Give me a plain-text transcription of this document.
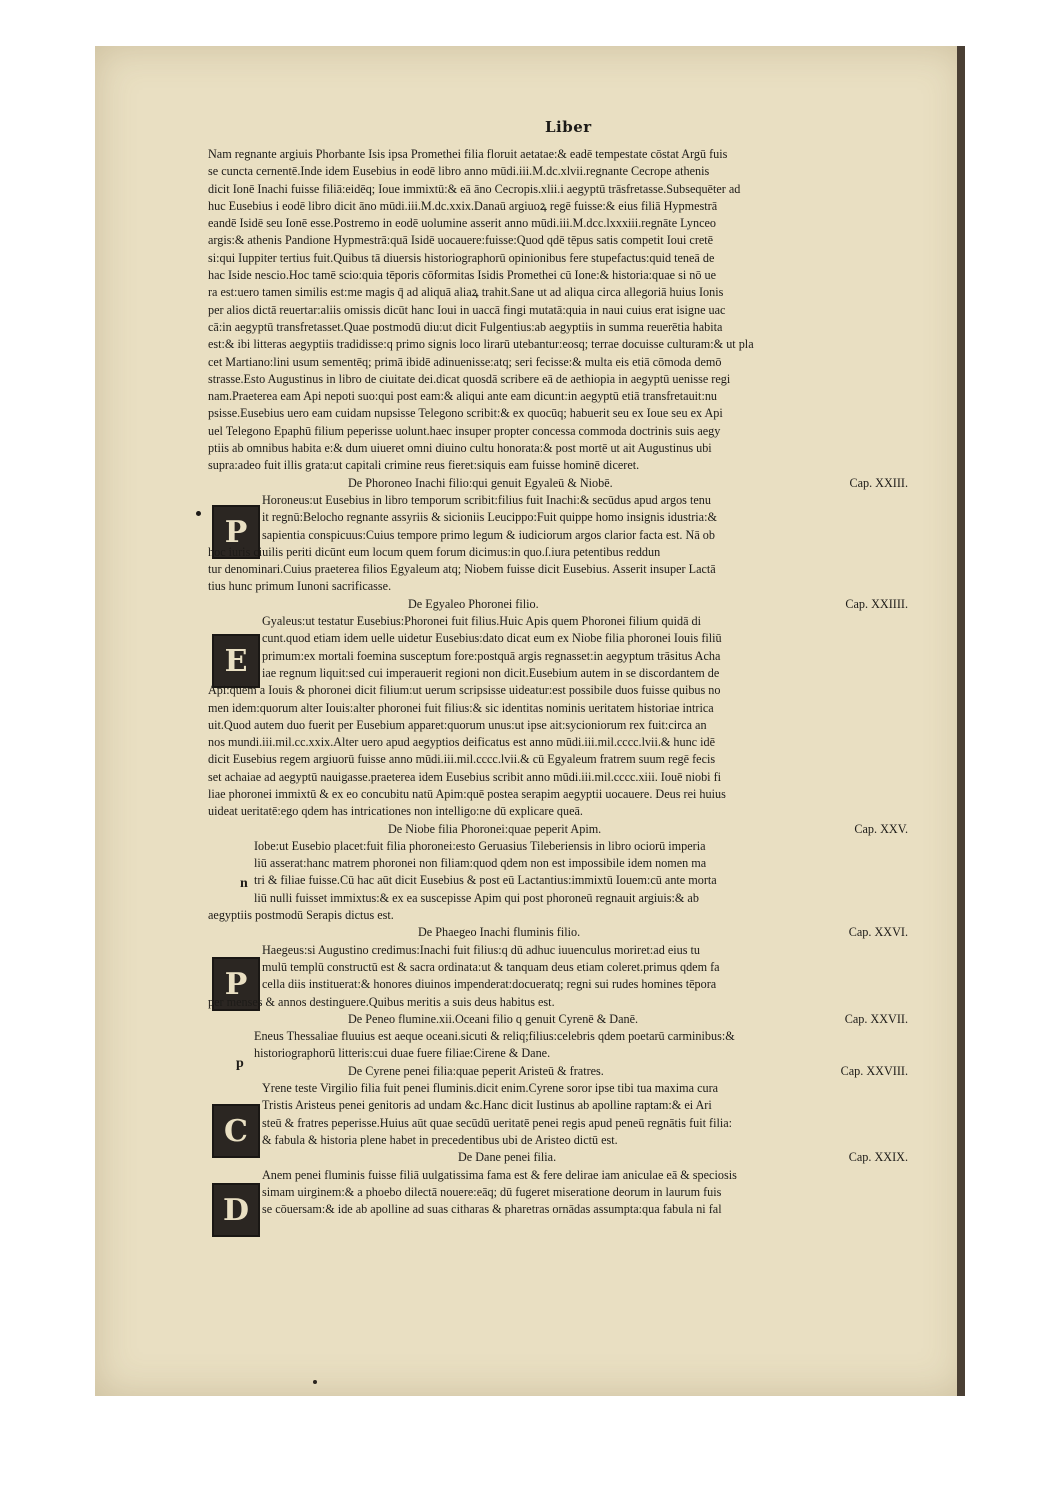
Liber
P
E
P
C
D
n
p
Nam regnante argiuis Phorbante Isis ipsa Promethei filia floruit aetatae:& eadē tempestate cōstat Argū fuis
se cuncta cernentē.Inde idem Eusebius in eodē libro anno mūdi.iii.M.dc.xlvii.regnante Cecrope athenis
dicit Ionē Inachi fuisse filiā:eidēq; Ioue immixtū:& eā āno Cecropis.xlii.i aegyptū trāsfretasse.Subsequēter ad
huc Eusebius i eodē libro dicit āno mūdi.iii.M.dc.xxix.Danaū argiuoꝝ regē fuisse:& eius filiā Hypmestrā
eandē Isidē seu Ionē esse.Postremo in eodē uolumine asserit anno mūdi.iii.M.dcc.lxxxiii.regnāte Lynceo
argis:& athenis Pandione Hypmestrā:quā Isidē uocauere:fuisse:Quod qdē tēpus satis competit Ioui cretē
si:qui Iuppiter tertius fuit.Quibus tā diuersis historiographorū opinionibus fere stupefactus:quid teneā de
hac Iside nescio.Hoc tamē scio:quia tēporis cōformitas Isidis Promethei cū Ione:& historia:quae si nō ue
ra est:uero tamen similis est:me magis q̄ ad aliquā aliaꝝ trahit.Sane ut ad aliqua circa allegoriā huius Ionis
per alios dictā reuertar:aliis omissis dicūt hanc Ioui in uaccā fingi mutatā:quia in naui cuius erat isigne uac
cā:in aegyptū transfretasset.Quae postmodū diu:ut dicit Fulgentius:ab aegyptiis in summa reuerētia habita
est:& ibi litteras aegyptiis tradidisse:q primo signis loco lirarū utebantur:eosq; terrae docuisse culturam:& ut pla
cet Martiano:lini usum sementēq; primā ibidē adinuenisse:atq; seri fecisse:& multa eis etiā cōmoda demō
strasse.Esto Augustinus in libro de ciuitate dei.dicat quosdā scribere eā de aethiopia in aegyptū uenisse regi
nam.Praeterea eam Api nepoti suo:qui post eam:& aliqui ante eam dicunt:in aegyptū etiā transfretauit:nu
psisse.Eusebius uero eam cuidam nupsisse Telegono scribit:& ex quocūq; habuerit seu ex Ioue seu ex Api
uel Telegono Epaphū filium peperisse uolunt.haec insuper propter concessa commoda doctrinis suis aegy
ptiis ab omnibus habita e:& dum uiueret omni diuino cultu honorata:& post mortē ut ait Augustinus ubi
supra:adeo fuit illis grata:ut capitali crimine reus fieret:siquis eam fuisse hominē diceret.
De Phoroneo Inachi filio:qui genuit Egyaleū & Niobē.	Cap. XXIII.
Horoneus:ut Eusebius in libro temporum scribit:filius fuit Inachi:& secūdus apud argos tenu
it regnū:Belocho regnante assyriis & sicioniis Leucippo:Fuit quippe homo insignis idustria:&
sapientia conspicuus:Cuius tempore primo legum & iudiciorum argos clarior facta est. Nā ob
hoc iuris ciuilis periti dicūnt eum locum quem forum dicimus:in quo.ſ.iura petentibus reddun
tur denominari.Cuius praeterea filios Egyaleum atq; Niobem fuisse dicit Eusebius. Asserit insuper Lactā
tius hunc primum Iunoni sacrificasse.
De Egyaleo Phoronei filio.	Cap. XXIIII.
Gyaleus:ut testatur Eusebius:Phoronei fuit filius.Huic Apis quem Phoronei filium quidā di
cunt.quod etiam idem uelle uidetur Eusebius:dato dicat eum ex Niobe filia phoronei Iouis filiū
primum:ex mortali foemina susceptum fore:postquā argis regnasset:in aegyptum trāsitus Acha
iae regnum liquit:sed cui imperauerit regioni non dicit.Eusebium autem in se discordantem de
Api:quem a Iouis & phoronei dicit filium:ut uerum scripsisse uideatur:est possibile duos fuisse quibus no
men idem:quorum alter Iouis:alter phoronei fuit filius:& sic identitas nominis ueritatem historiae intrica
uit.Quod autem duo fuerit per Eusebium apparet:quorum unus:ut ipse ait:sycioniorum rex fuit:circa an
nos mundi.iii.mil.cc.xxix.Alter uero apud aegyptios deificatus est anno mūdi.iii.mil.cccc.lvii.& hunc idē
dicit Eusebius regem argiuorū fuisse anno mūdi.iii.mil.cccc.lvii.& cū Egyaleum fratrem suum regē fecis
set achaiae ad aegyptū nauigasse.praeterea idem Eusebius scribit anno mūdi.iii.mil.cccc.xiii. Iouē niobi fi
liae phoronei immixtū & ex eo concubitu natū Apim:quē postea serapim aegyptii uocauere. Deus rei huius
uideat ueritatē:ego qdem has intricationes non intelligo:ne dū explicare queā.
De Niobe filia Phoronei:quae peperit Apim.	Cap. XXV.
Iobe:ut Eusebio placet:fuit filia phoronei:esto Geruasius Tileberiensis in libro ociorū imperia
liū asserat:hanc matrem phoronei non filiam:quod qdem non est impossibile idem nomen ma
tri & filiae fuisse.Cū hac aūt dicit Eusebius & post eū Lactantius:immixtū Iouem:cū ante morta
liū nulli fuisset immixtus:& ex ea suscepisse Apim qui post phoroneū regnauit argiuis:& ab
aegyptiis postmodū Serapis dictus est.
De Phaegeo Inachi fluminis filio.	Cap. XXVI.
Haegeus:si Augustino credimus:Inachi fuit filius:q dū adhuc iuuenculus moriret:ad eius tu
mulū templū constructū est & sacra ordinata:ut & tanquam deus etiam coleret.primus qdem fa
cella diis instituerat:& honores diuinos impenderat:docueratq; regni sui rudes homines tēpora
per menses & annos destinguere.Quibus meritis a suis deus habitus est.
De Peneo flumine.xii.Oceani filio q genuit Cyrenē & Danē.	Cap. XXVII.
Eneus Thessaliae fluuius est aeque oceani.sicuti & reliq;filius:celebris qdem poetarū carminibus:&
historiographorū litteris:cui duae fuere filiae:Cirene & Dane.
De Cyrene penei filia:quae peperit Aristeū & fratres.	Cap. XXVIII.
Yrene teste Virgilio filia fuit penei fluminis.dicit enim.Cyrene soror ipse tibi tua maxima cura
Tristis Aristeus penei genitoris ad undam &c.Hanc dicit Iustinus ab apolline raptam:& ei Ari
steū & fratres peperisse.Huius aūt quae secūdū ueritatē penei regis apud peneū regnātis fuit filia:
& fabula & historia plene habet in precedentibus ubi de Aristeo dictū est.
De Dane penei filia.	Cap. XXIX.
Anem penei fluminis fuisse filiā uulgatissima fama est & fere delirae iam aniculae eā & speciosis
simam uirginem:& a phoebo dilectā nouere:eāq; dū fugeret miseratione deorum in laurum fuis
se cōuersam:& ide ab apolline ad suas citharas & pharetras ornādas assumpta:qua fabula ni fal
